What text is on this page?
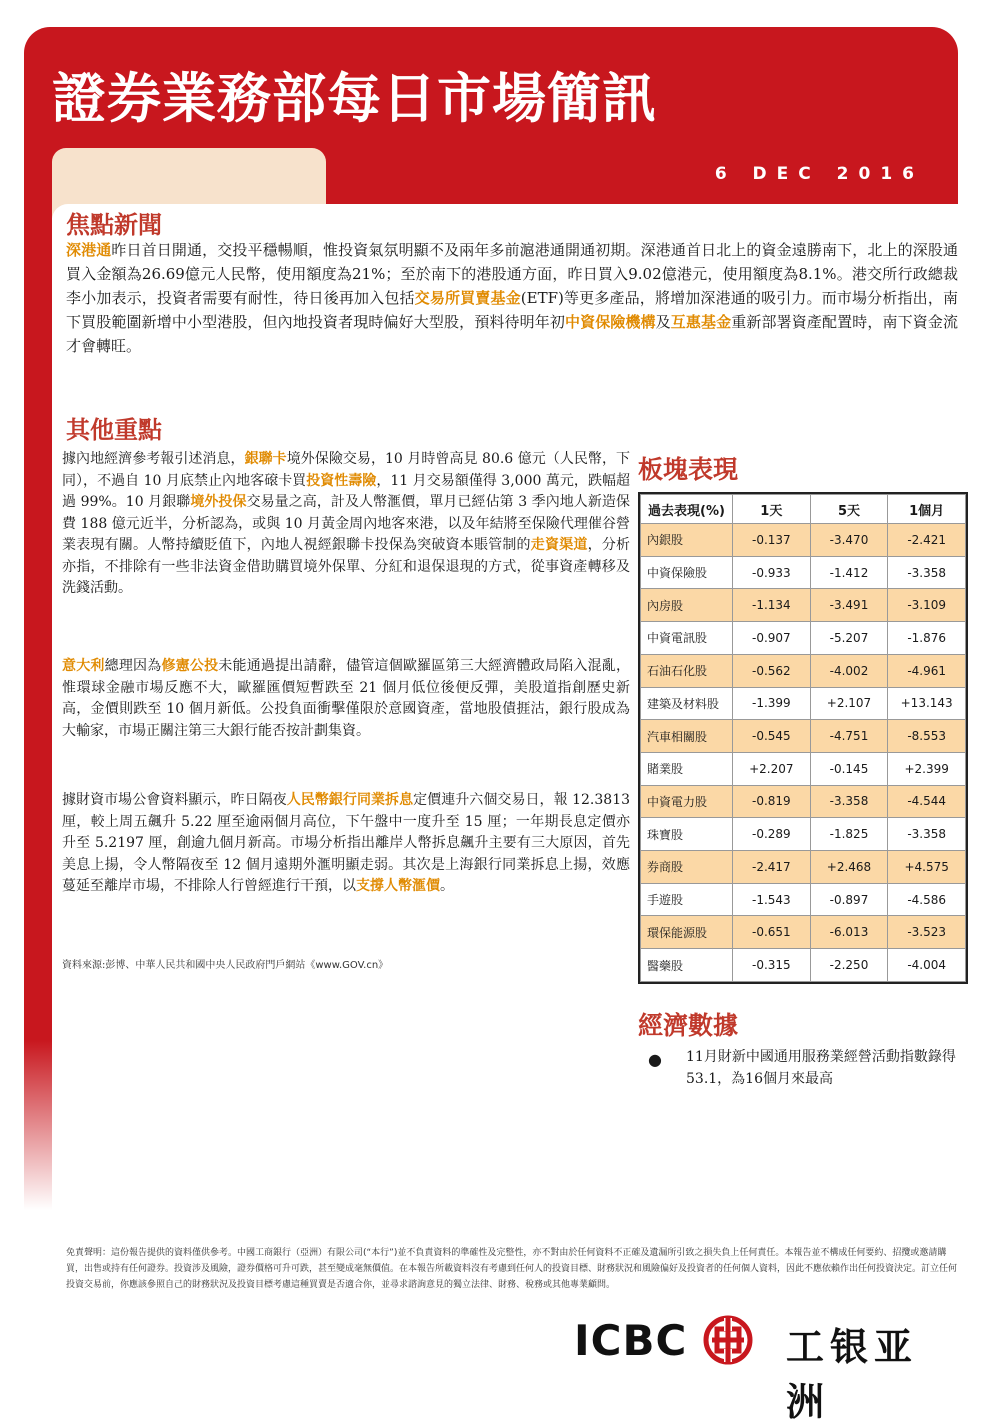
證券業務部每日市場簡訊
6 DEC 2016
焦點新聞

深港通昨日首日開通，交投平穩暢順，惟投資氣氛明顯不及兩年多前滬港通開通初期。深港通首日北上的資金遠勝南下，北上的深股通買入金額為26.69億元人民幣，使用額度為21%；至於南下的港股通方面，昨日買入9.02億港元，使用額度為8.1%。港交所行政總裁李小加表示，投資者需要有耐性，待日後再加入包括交易所買賣基金(ETF)等更多產品，將增加深港通的吸引力。而市場分析指出，南下買股範圍新增中小型港股，但內地投資者現時偏好大型股，預料待明年初中資保險機構及互惠基金重新部署資產配置時，南下資金流才會轉旺。

其他重點

據內地經濟參考報引述消息，銀聯卡境外保險交易，10 月時曾高見 80.6 億元（人民幣，下同），不過自 10 月底禁止內地客𥕦卡買投資性壽險，11 月交易額僅得 3,000 萬元，跌幅超過 99%。10 月銀聯境外投保交易量之高，計及人幣滙價，單月已經佔第 3 季內地人新造保費 188 億元近半，分析認為，或與 10 月黃金周內地客來港，以及年結將至保險代理催谷營業表現有關。人幣持續貶值下，內地人視經銀聯卡投保為突破資本賬管制的走資渠道，分析亦指，不排除有一些非法資金借助購買境外保單、分紅和退保退現的方式，從事資產轉移及洗錢活動。

意大利總理因為修憲公投未能通過提出請辭，儘管這個歐羅區第三大經濟體政局陷入混亂，惟環球金融市場反應不大，歐羅匯價短暫跌至 21 個月低位後便反彈，美股道指創歷史新高，金價則跌至 10 個月新低。公投負面衝擊僅限於意國資產，當地股債捱沽，銀行股成為大輸家，市場正關注第三大銀行能否按計劃集資。

據財資市場公會資料顯示，昨日隔夜人民幣銀行同業拆息定價連升六個交易日，報 12.3813 厘，較上周五飆升 5.22 厘至逾兩個月高位，下午盤中一度升至 15 厘；一年期長息定價亦升至 5.2197 厘，創逾九個月新高。市場分析指出離岸人幣拆息飆升主要有三大原因，首先美息上揚，令人幣隔夜至 12 個月遠期外滙明顯走弱。其次是上海銀行同業拆息上揚，效應蔓延至離岸市場，不排除人行曾經進行干預，以支撐人幣滙價。

資料來源:彭博、中華人民共和國中央人民政府門戶網站《www.GOV.cn》

板塊表現
過去表現(%)	1天	5天	1個月
內銀股	-0.137	-3.470	-2.421
中資保險股	-0.933	-1.412	-3.358
內房股	-1.134	-3.491	-3.109
中資電訊股	-0.907	-5.207	-1.876
石油石化股	-0.562	-4.002	-4.961
建築及材料股	-1.399	+2.107	+13.143
汽車相關股	-0.545	-4.751	-8.553
賭業股	+2.207	-0.145	+2.399
中資電力股	-0.819	-3.358	-4.544
珠寶股	-0.289	-1.825	-3.358
券商股	-2.417	+2.468	+4.575
手遊股	-1.543	-0.897	-4.586
環保能源股	-0.651	-6.013	-3.523
醫藥股	-0.315	-2.250	-4.004
經濟數據
● 11月財新中國通用服務業經營活動指數錄得53.1，為16個月來最高

免責聲明：這份報告提供的資料僅供參考。中國工商銀行（亞洲）有限公司(“本行”)並不負責資料的準確性及完整性，亦不對由於任何資料不正確及遺漏所引致之損失負上任何責任。本報告並不構成任何要約、招攬或邀請購買，出售或持有任何證券。投資涉及風險，證券價格可升可跌，甚至變成毫無價值。在本報告所載資料沒有考慮到任何人的投資目標、財務狀況和風險偏好及投資者的任何個人資料，因此不應依賴作出任何投資決定。訂立任何投資交易前，你應該參照自己的財務狀況及投資目標考慮這種買賣是否適合你，並尋求諮詢意見的獨立法律、財務、稅務或其他專業顧問。

ICBC	工银亚洲
